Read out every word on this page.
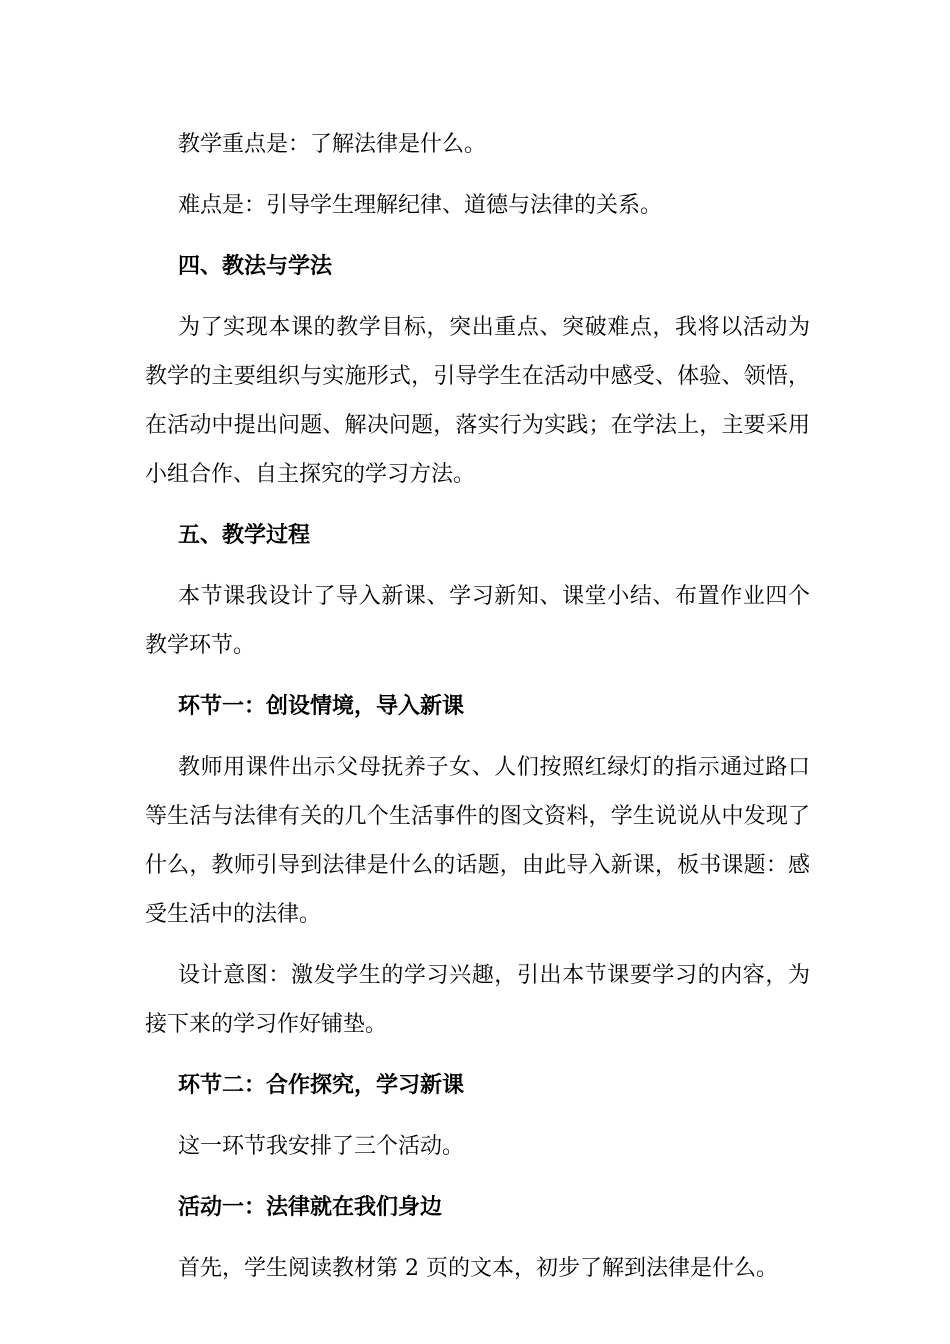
教学重点是：了解法律是什么。

难点是：引导学生理解纪律、道德与法律的关系。

四、教法与学法

为了实现本课的教学目标，突出重点、突破难点，我将以活动为教学的主要组织与实施形式，引导学生在活动中感受、体验、领悟，在活动中提出问题、解决问题，落实行为实践；在学法上，主要采用小组合作、自主探究的学习方法。

五、教学过程

本节课我设计了导入新课、学习新知、课堂小结、布置作业四个教学环节。

环节一：创设情境，导入新课

教师用课件出示父母抚养子女、人们按照红绿灯的指示通过路口等生活与法律有关的几个生活事件的图文资料，学生说说从中发现了什么，教师引导到法律是什么的话题，由此导入新课，板书课题：感受生活中的法律。

设计意图：激发学生的学习兴趣，引出本节课要学习的内容，为接下来的学习作好铺垫。

环节二：合作探究，学习新课

这一环节我安排了三个活动。

活动一：法律就在我们身边

首先，学生阅读教材第 2 页的文本，初步了解到法律是什么。
